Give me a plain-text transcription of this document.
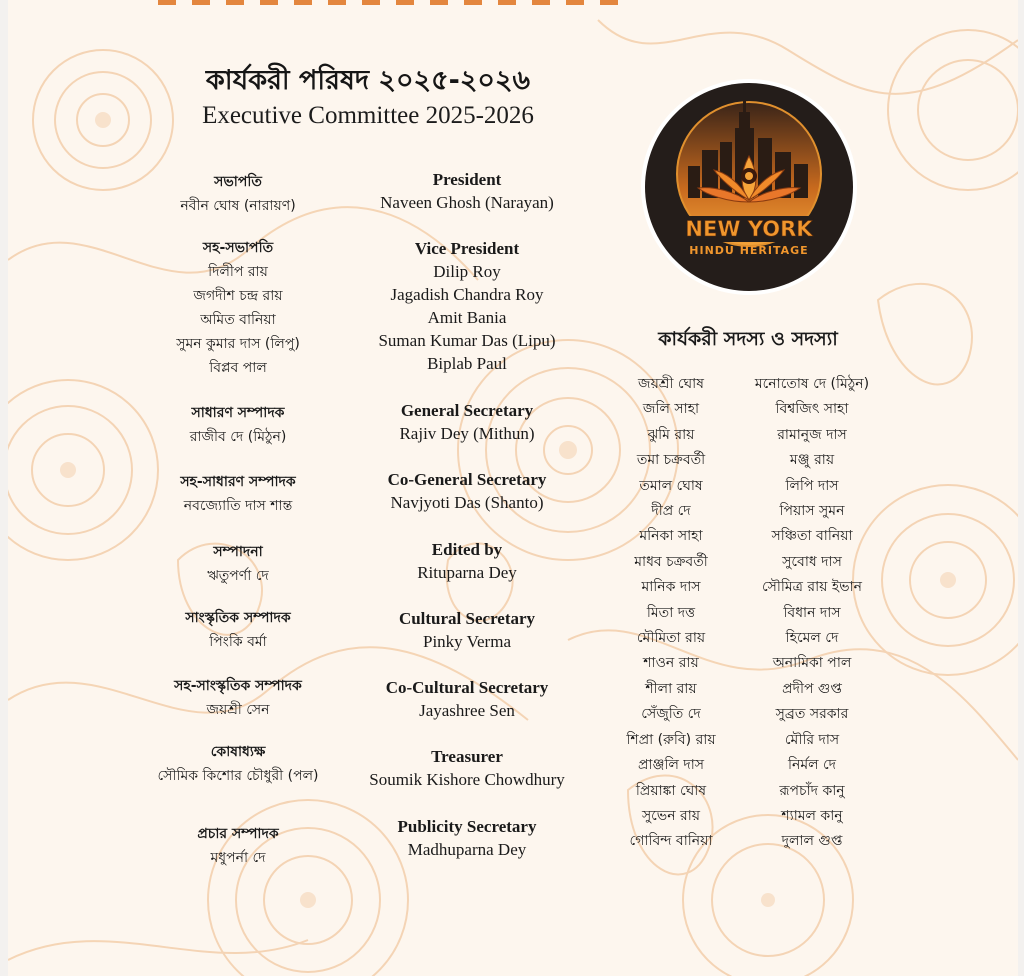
কার্যকরী পরিষদ ২০২৫-২০২৬
Executive Committee 2025-2026
সভাপতি
নবীন ঘোষ (নারায়ণ)
সহ-সভাপতি
দিলীপ রায়
জগদীশ চন্দ্র রায়
অমিত বানিয়া
সুমন কুমার দাস (লিপু)
বিপ্লব পাল
সাধারণ সম্পাদক
রাজীব দে (মিঠুন)
সহ-সাধারণ সম্পাদক
নবজ্যোতি দাস শান্ত
সম্পাদনা
ঋতুপর্ণা দে
সাংস্কৃতিক সম্পাদক
পিংকি বর্মা
সহ-সাংস্কৃতিক সম্পাদক
জয়শ্রী সেন
কোষাধ্যক্ষ
সৌমিক কিশোর চৌধুরী (পল)
প্রচার সম্পাদক
মধুপর্না দে
President
Naveen Ghosh (Narayan)
Vice President
Dilip Roy
Jagadish Chandra Roy
Amit Bania
Suman Kumar Das (Lipu)
Biplab Paul
General Secretary
Rajiv Dey (Mithun)
Co-General Secretary
Navjyoti Das (Shanto)
Edited by
Rituparna Dey
Cultural Secretary
Pinky Verma
Co-Cultural Secretary
Jayashree Sen
Treasurer
Soumik Kishore Chowdhury
Publicity Secretary
Madhuparna Dey
NEW YORK
HINDU HERITAGE
কার্যকরী সদস্য ও সদস্যা
জয়শ্রী ঘোষ
জলি সাহা
ঝুমি রায়
তমা চক্রবর্তী
তমাল ঘোষ
দীপ্র দে
মনিকা সাহা
মাধব চক্রবর্তী
মানিক দাস
মিতা দত্ত
মৌমিতা রায়
শাওন রায়
শীলা রায়
সেঁজুতি দে
শিপ্রা (রুবি) রায়
প্রাঞ্জলি দাস
প্রিয়াঙ্কা ঘোষ
সুভেন রায়
গোবিন্দ বানিয়া
মনোতোষ দে (মিঠুন)
বিশ্বজিৎ সাহা
রামানুজ দাস
মঞ্জু রায়
লিপি দাস
পিয়াস সুমন
সঞ্চিতা বানিয়া
সুবোধ দাস
সৌমিত্র রায় ইভান
বিধান দাস
হিমেল দে
অনামিকা পাল
প্রদীপ গুপ্ত
সুব্রত সরকার
মৌরি দাস
নির্মল দে
রূপচাঁদ কানু
শ্যামল কানু
দুলাল গুপ্ত
